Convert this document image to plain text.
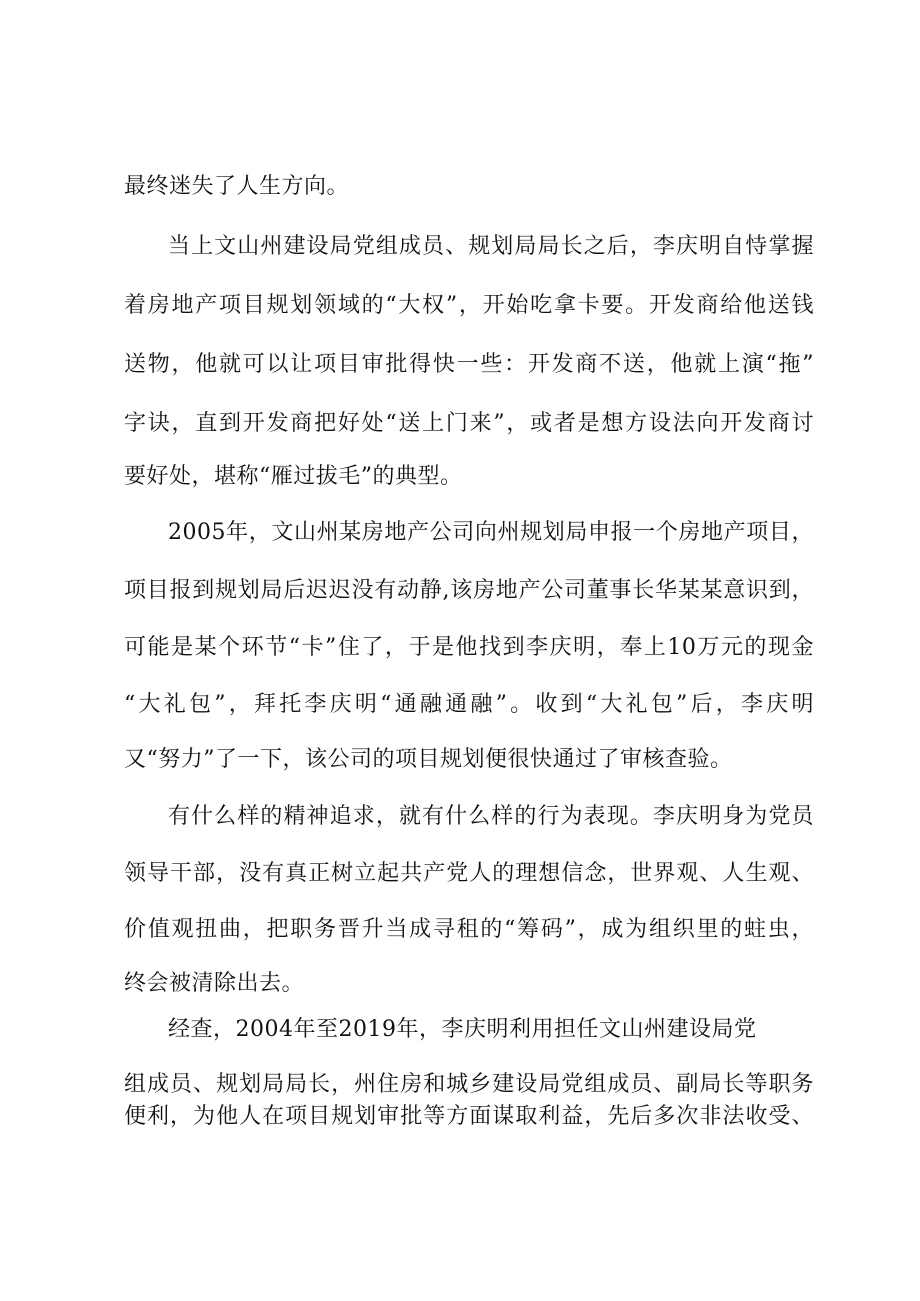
最终迷失了人生方向。
当上文山州建设局党组成员、规划局局长之后，李庆明自恃掌握
着房地产项目规划领域的“大权”，开始吃拿卡要。开发商给他送钱
送物，他就可以让项目审批得快一些：开发商不送，他就上演“拖”
字诀，直到开发商把好处“送上门来”，或者是想方设法向开发商讨
要好处，堪称“雁过拔毛”的典型。
2005年，文山州某房地产公司向州规划局申报一个房地产项目，
项目报到规划局后迟迟没有动静,该房地产公司董事长华某某意识到，
可能是某个环节“卡”住了，于是他找到李庆明，奉上10万元的现金
“大礼包”，拜托李庆明“通融通融”。收到“大礼包”后，李庆明
又“努力”了一下，该公司的项目规划便很快通过了审核查验。
有什么样的精神追求，就有什么样的行为表现。李庆明身为党员
领导干部，没有真正树立起共产党人的理想信念，世界观、人生观、
价值观扭曲，把职务晋升当成寻租的“筹码”，成为组织里的蛀虫，
终会被清除出去。
经查，2004年至2019年，李庆明利用担任文山州建设局党
组成员、规划局局长，州住房和城乡建设局党组成员、副局长等职务
便利，为他人在项目规划审批等方面谋取利益，先后多次非法收受、
